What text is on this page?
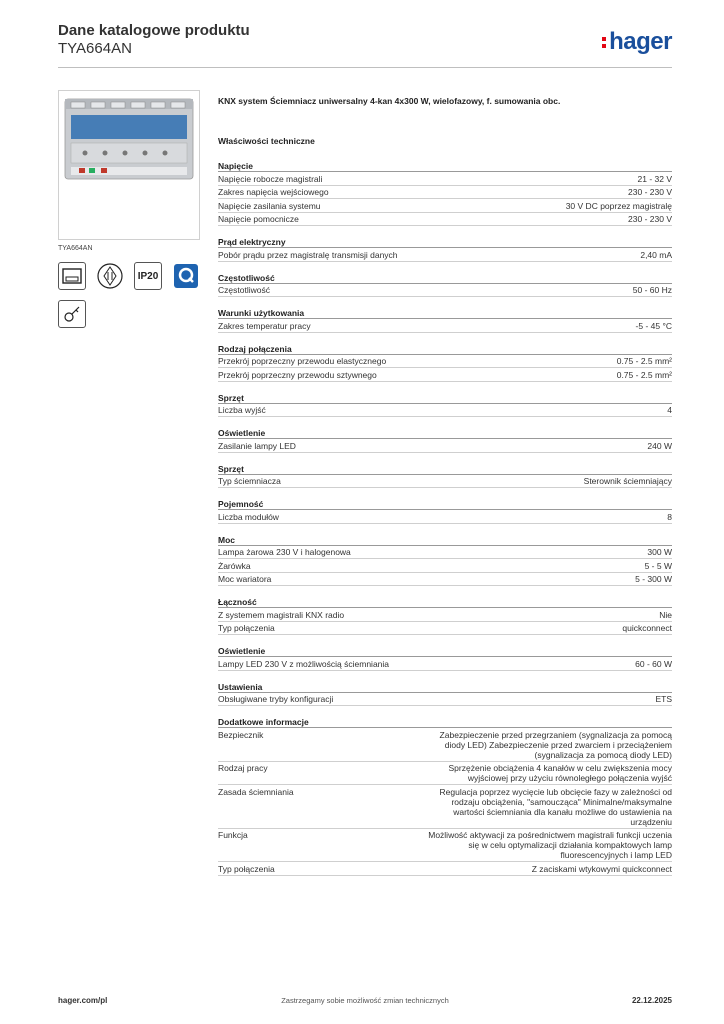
Dane katalogowe produktu
TYA664AN	hager
TYA664AN
IP20
KNX system Ściemniacz uniwersalny 4-kan 4x300 W, wielofazowy, f. sumowania obc.
Właściwości techniczne
Napięcie
Napięcie robocze magistrali	21 - 32 V
Zakres napięcia wejściowego	230 - 230 V
Napięcie zasilania systemu	30 V DC poprzez magistralę
Napięcie pomocnicze	230 - 230 V
Prąd elektryczny
Pobór prądu przez magistralę transmisji danych	2,40 mA
Częstotliwość
Częstotliwość	50 - 60 Hz
Warunki użytkowania
Zakres temperatur pracy	-5 - 45 °C
Rodzaj połączenia
Przekrój poprzeczny przewodu elastycznego	0.75 - 2.5 mm²
Przekrój poprzeczny przewodu sztywnego	0.75 - 2.5 mm²
Sprzęt
Liczba wyjść	4
Oświetlenie
Zasilanie lampy LED	240 W
Sprzęt
Typ ściemniacza	Sterownik ściemniający
Pojemność
Liczba modułów	8
Moc
Lampa żarowa 230 V i halogenowa	300 W
Żarówka	5 - 5 W
Moc wariatora	5 - 300 W
Łączność
Z systemem magistrali KNX radio	Nie
Typ połączenia	quickconnect
Oświetlenie
Lampy LED 230 V z możliwością ściemniania	60 - 60 W
Ustawienia
Obsługiwane tryby konfiguracji	ETS
Dodatkowe informacje
Bezpiecznik	Zabezpieczenie przed przegrzaniem (sygnalizacja za pomocą diody LED) Zabezpieczenie przed zwarciem i przeciążeniem (sygnalizacja za pomocą diody LED)
Rodzaj pracy	Sprzężenie obciążenia 4 kanałów w celu zwiększenia mocy wyjściowej przy użyciu równoległego połączenia wyjść
Zasada ściemniania	Regulacja poprzez wycięcie lub obcięcie fazy w zależności od rodzaju obciążenia, "samoucząca" Minimalne/maksymalne wartości ściemniania dla kanału możliwe do ustawienia na urządzeniu
Funkcja	Możliwość aktywacji za pośrednictwem magistrali funkcji uczenia się w celu optymalizacji działania kompaktowych lamp fluorescencyjnych i lamp LED
Typ połączenia	Z zaciskami wtykowymi quickconnect
hager.com/pl	Zastrzegamy sobie możliwość zmian technicznych	22.12.2025
